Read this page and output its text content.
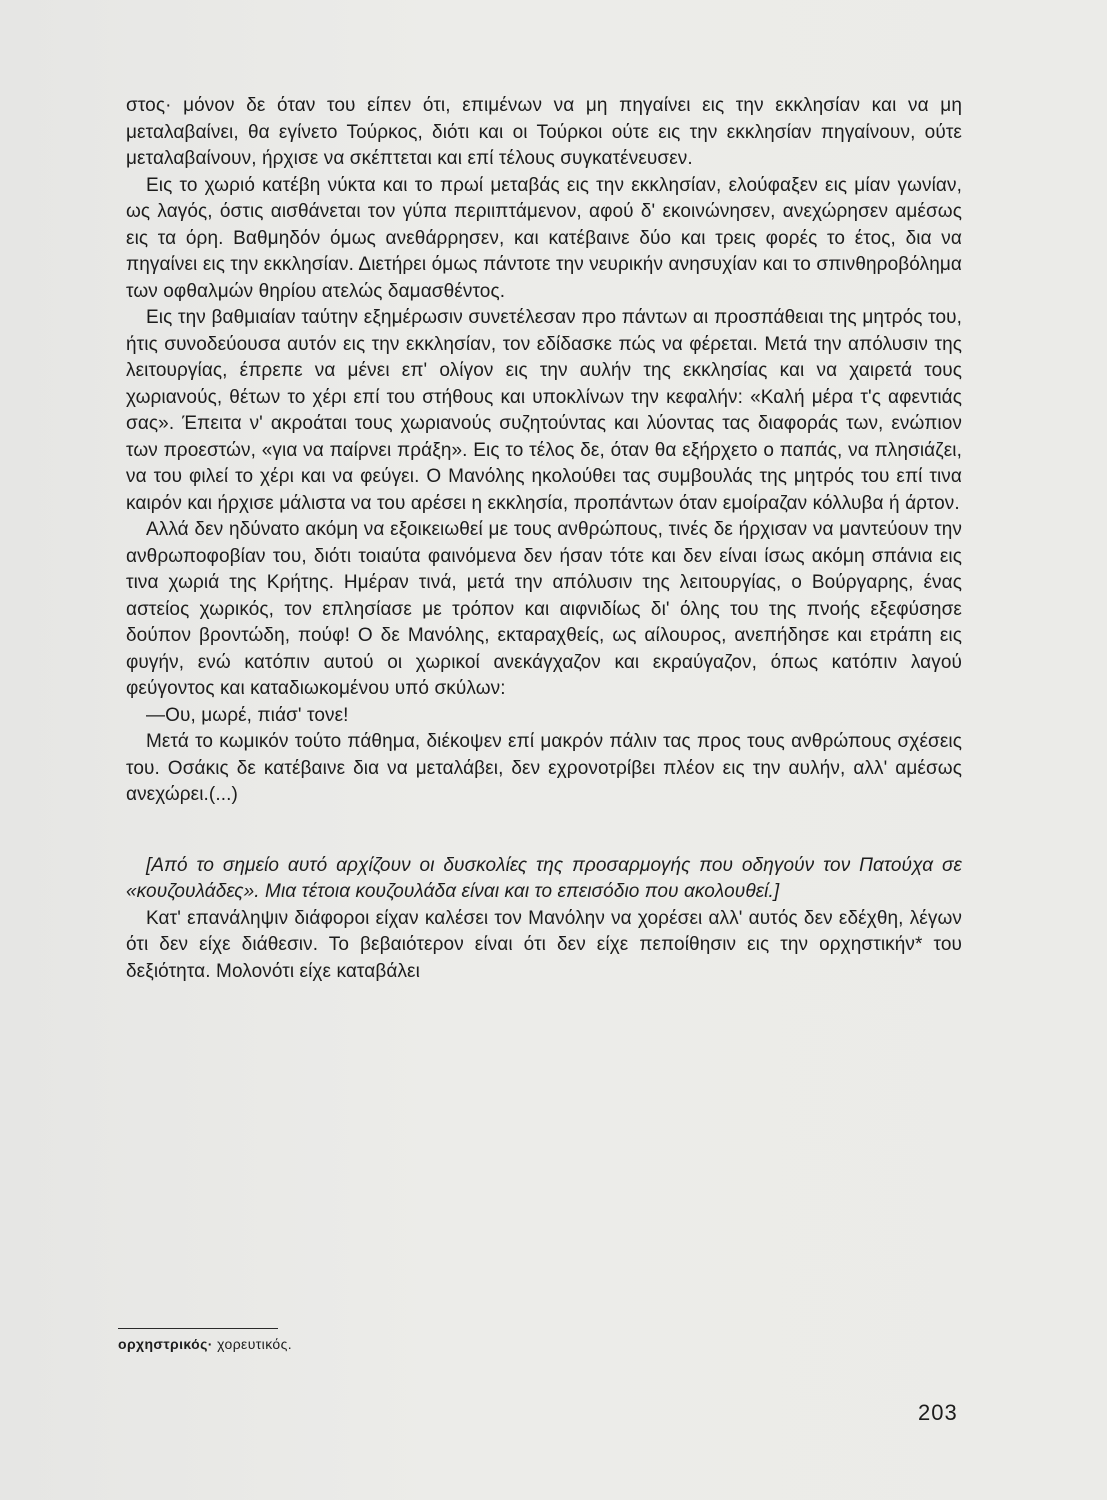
στος· μόνον δε όταν του είπεν ότι, επιμένων να μη πηγαίνει εις την εκκλησίαν και να μη μεταλαβαίνει, θα εγίνετο Τούρκος, διότι και οι Τούρκοι ούτε εις την εκκλησίαν πηγαίνουν, ούτε μεταλαβαίνουν, ήρχισε να σκέπτεται και επί τέλους συγκατένευσεν.

Εις το χωριό κατέβη νύκτα και το πρωί μεταβάς εις την εκκλησίαν, ελούφαξεν εις μίαν γωνίαν, ως λαγός, όστις αισθάνεται τον γύπα περιιπτάμενον, αφού δ' εκοινώνησεν, ανεχώρησεν αμέσως εις τα όρη. Βαθμηδόν όμως ανεθάρρησεν, και κατέβαινε δύο και τρεις φορές το έτος, δια να πηγαίνει εις την εκκλησίαν. Διετήρει όμως πάντοτε την νευρικήν ανησυχίαν και το σπινθηροβόλημα των οφθαλμών θηρίου ατελώς δαμασθέντος.

Εις την βαθμιαίαν ταύτην εξημέρωσιν συνετέλεσαν προ πάντων αι προσπάθειαι της μητρός του, ήτις συνοδεύουσα αυτόν εις την εκκλησίαν, τον εδίδασκε πώς να φέρεται. Μετά την απόλυσιν της λειτουργίας, έπρεπε να μένει επ' ολίγον εις την αυλήν της εκκλησίας και να χαιρετά τους χωριανούς, θέτων το χέρι επί του στήθους και υποκλίνων την κεφαλήν: «Καλή μέρα τ'ς αφεντιάς σας». Έπειτα ν' ακροάται τους χωριανούς συζητούντας και λύοντας τας διαφοράς των, ενώπιον των προεστών, «για να παίρνει πράξη». Εις το τέλος δε, όταν θα εξήρχετο ο παπάς, να πλησιάζει, να του φιλεί το χέρι και να φεύγει. Ο Μανόλης ηκολούθει τας συμβουλάς της μητρός του επί τινα καιρόν και ήρχισε μάλιστα να του αρέσει η εκκλησία, προπάντων όταν εμοίραζαν κόλλυβα ή άρτον.

Αλλά δεν ηδύνατο ακόμη να εξοικειωθεί με τους ανθρώπους, τινές δε ήρχισαν να μαντεύουν την ανθρωποφοβίαν του, διότι τοιαύτα φαινόμενα δεν ήσαν τότε και δεν είναι ίσως ακόμη σπάνια εις τινα χωριά της Κρήτης. Ημέραν τινά, μετά την απόλυσιν της λειτουργίας, ο Βούργαρης, ένας αστείος χωρικός, τον επλησίασε με τρόπον και αιφνιδίως δι' όλης του της πνοής εξεφύσησε δούπον βροντώδη, πούφ! Ο δε Μανόλης, εκταραχθείς, ως αίλουρος, ανεπήδησε και ετράπη εις φυγήν, ενώ κατόπιν αυτού οι χωρικοί ανεκάγχαζον και εκραύγαζον, όπως κατόπιν λαγού φεύγοντος και καταδιωκομένου υπό σκύλων:

—Ου, μωρέ, πιάσ' τονε!

Μετά το κωμικόν τούτο πάθημα, διέκοψεν επί μακρόν πάλιν τας προς τους ανθρώπους σχέσεις του. Οσάκις δε κατέβαινε δια να μεταλάβει, δεν εχρονοτρίβει πλέον εις την αυλήν, αλλ' αμέσως ανεχώρει.(...)

[Από το σημείο αυτό αρχίζουν οι δυσκολίες της προσαρμογής που οδηγούν τον Πατούχα σε «κουζουλάδες». Μια τέτοια κουζουλάδα είναι και το επεισόδιο που ακολουθεί.]

Κατ' επανάληψιν διάφοροι είχαν καλέσει τον Μανόλην να χορέσει αλλ' αυτός δεν εδέχθη, λέγων ότι δεν είχε διάθεσιν. Το βεβαιότερον είναι ότι δεν είχε πεποίθησιν εις την ορχηστικήν* του δεξιότητα. Μολονότι είχε καταβάλει

ορχηστρικός· χορευτικός.
203
